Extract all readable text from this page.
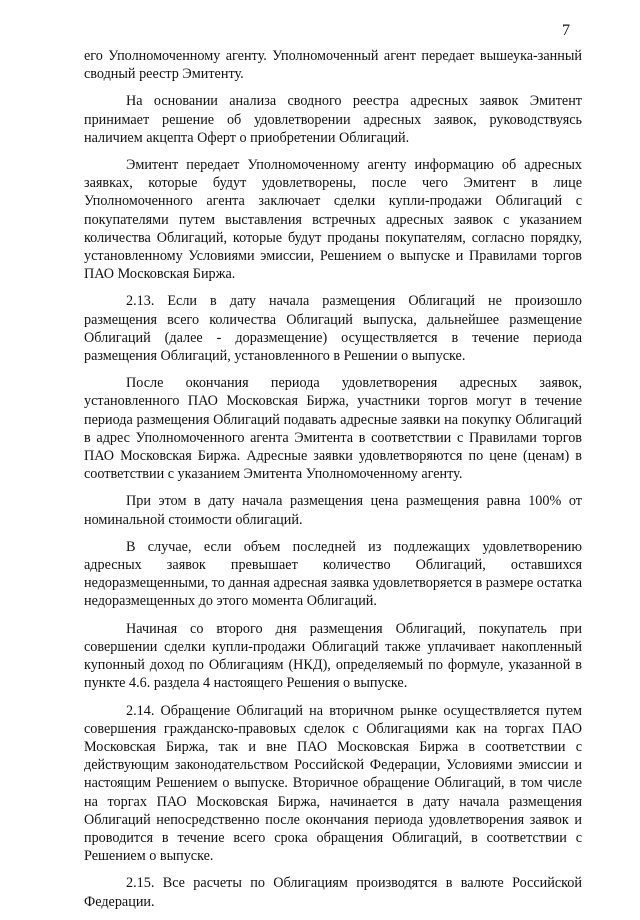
7

его Уполномоченному агенту. Уполномоченный агент передает вышеука-занный сводный реестр Эмитенту.

На основании анализа сводного реестра адресных заявок Эмитент принимает решение об удовлетворении адресных заявок, руководствуясь наличием акцепта Оферт о приобретении Облигаций.

Эмитент передает Уполномоченному агенту информацию об адресных заявках, которые будут удовлетворены, после чего Эмитент в лице Уполномоченного агента заключает сделки купли-продажи Облигаций с покупателями путем выставления встречных адресных заявок с указанием количества Облигаций, которые будут проданы покупателям, согласно порядку, установленному Условиями эмиссии, Решением о выпуске и Правилами торгов ПАО Московская Биржа.

2.13. Если в дату начала размещения Облигаций не произошло размещения всего количества Облигаций выпуска, дальнейшее размещение Облигаций (далее - доразмещение) осуществляется в течение периода размещения Облигаций, установленного в Решении о выпуске.

После окончания периода удовлетворения адресных заявок, установленного ПАО Московская Биржа, участники торгов могут в течение периода размещения Облигаций подавать адресные заявки на покупку Облигаций в адрес Уполномоченного агента Эмитента в соответствии с Правилами торгов ПАО Московская Биржа. Адресные заявки удовлетворяются по цене (ценам) в соответствии с указанием Эмитента Уполномоченному агенту.

При этом в дату начала размещения цена размещения равна 100% от номинальной стоимости облигаций.

В случае, если объем последней из подлежащих удовлетворению адресных заявок превышает количество Облигаций, оставшихся недоразмещенными, то данная адресная заявка удовлетворяется в размере остатка недоразмещенных до этого момента Облигаций.

Начиная со второго дня размещения Облигаций, покупатель при совершении сделки купли-продажи Облигаций также уплачивает накопленный купонный доход по Облигациям (НКД), определяемый по формуле, указанной в пункте 4.6. раздела 4 настоящего Решения о выпуске.

2.14. Обращение Облигаций на вторичном рынке осуществляется путем совершения гражданско-правовых сделок с Облигациями как на торгах ПАО Московская Биржа, так и вне ПАО Московская Биржа в соответствии с действующим законодательством Российской Федерации, Условиями эмиссии и настоящим Решением о выпуске. Вторичное обращение Облигаций, в том числе на торгах ПАО Московская Биржа, начинается в дату начала размещения Облигаций непосредственно после окончания периода удовлетворения заявок и проводится в течение всего срока обращения Облигаций, в соответствии с Решением о выпуске.

2.15. Все расчеты по Облигациям производятся в валюте Российской Федерации.
